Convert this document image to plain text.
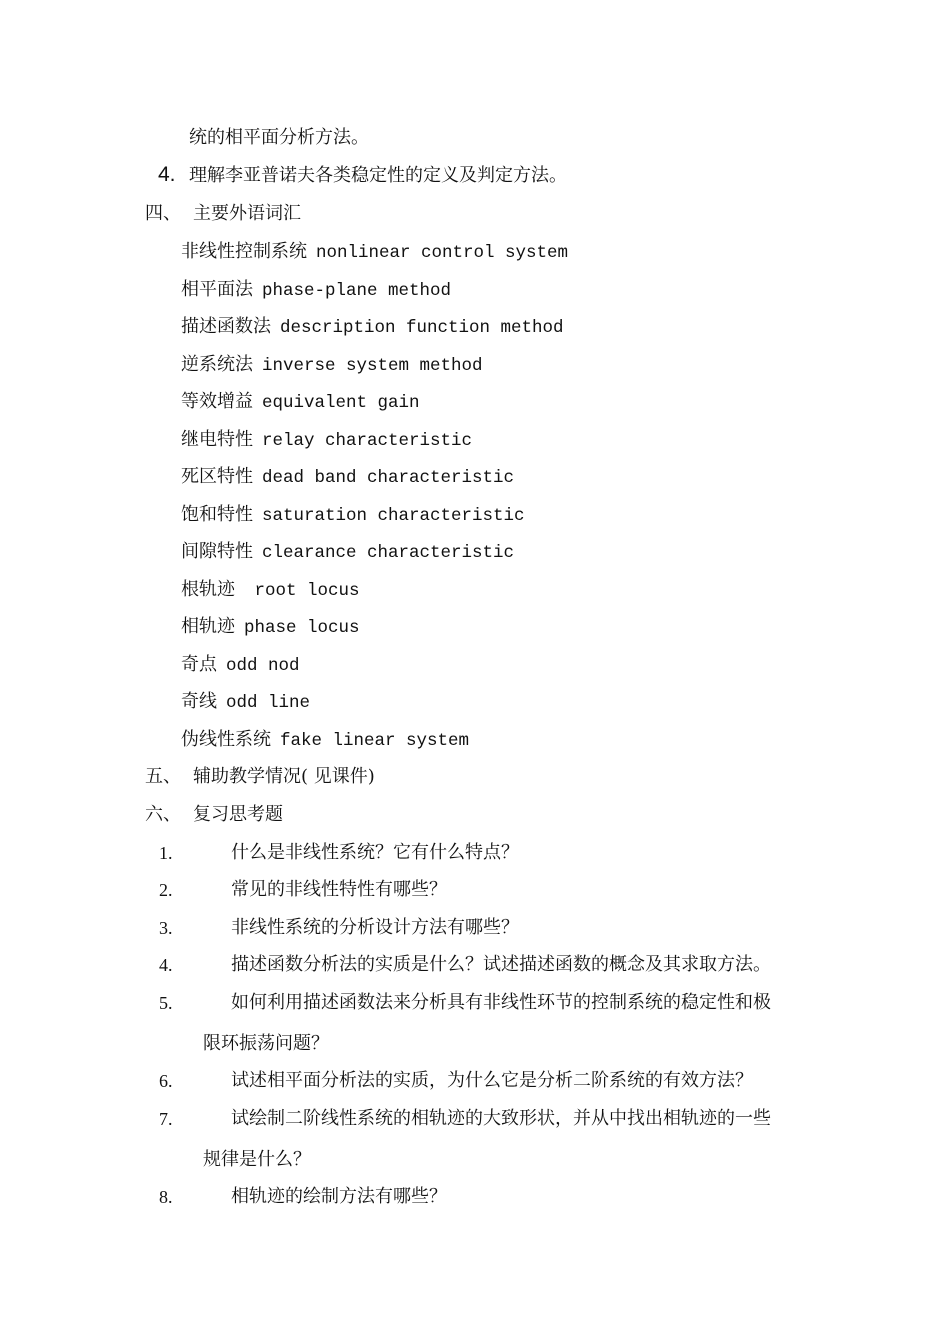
统的相平面分析方法。
4. 理解李亚普诺夫各类稳定性的定义及判定方法。
四、 主要外语词汇
非线性控制系统 nonlinear control system
相平面法 phase-plane method
描述函数法 description function method
逆系统法 inverse system method
等效增益 equivalent gain
继电特性 relay characteristic
死区特性 dead band characteristic
饱和特性 saturation characteristic
间隙特性 clearance characteristic
根轨迹 root locus
相轨迹 phase locus
奇点 odd nod
奇线 odd line
伪线性系统 fake linear system
五、 辅助教学情况( 见课件)
六、 复习思考题
1.	什么是非线性系统？它有什么特点？
2.	常见的非线性特性有哪些？
3.	非线性系统的分析设计方法有哪些？
4.	描述函数分析法的实质是什么？试述描述函数的概念及其求取方法。
5.	如何利用描述函数法来分析具有非线性环节的控制系统的稳定性和极
限环振荡问题？
6.	试述相平面分析法的实质，为什么它是分析二阶系统的有效方法？
7.	试绘制二阶线性系统的相轨迹的大致形状，并从中找出相轨迹的一些
规律是什么？
8.	相轨迹的绘制方法有哪些？
